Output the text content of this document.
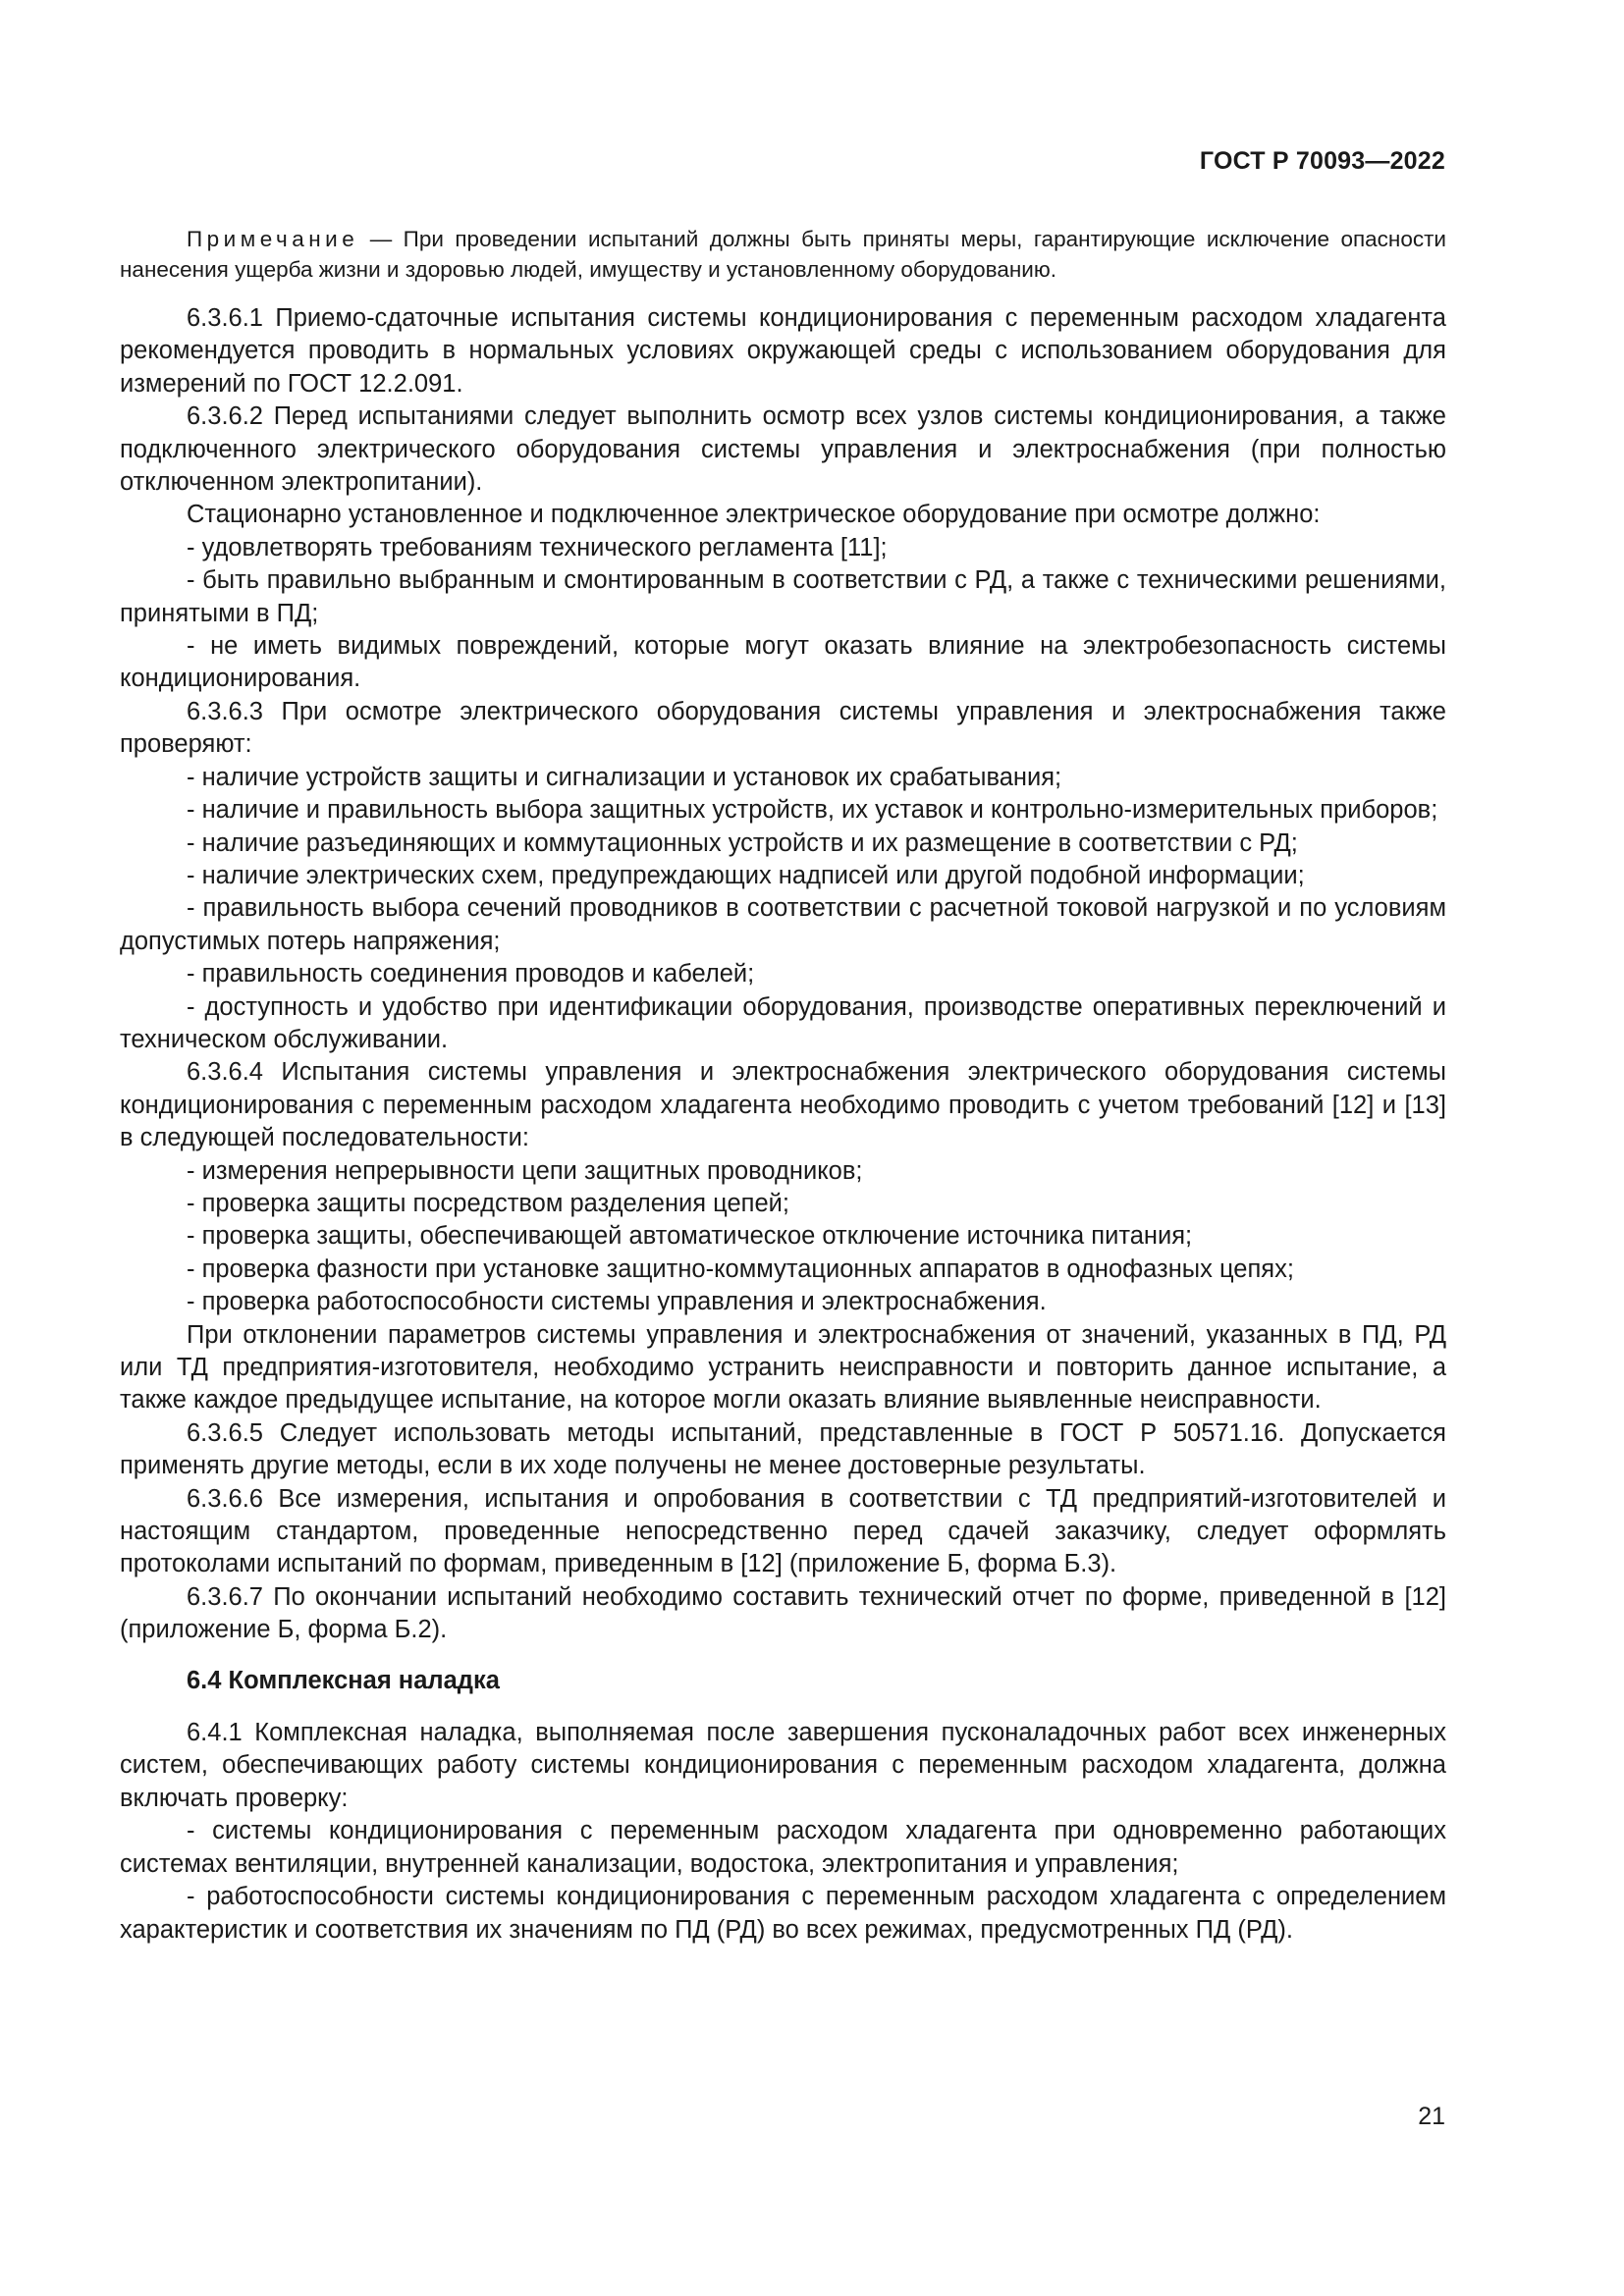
ГОСТ Р 70093—2022

Примечание — При проведении испытаний должны быть приняты меры, гарантирующие исключение опасности нанесения ущерба жизни и здоровью людей, имуществу и установленному оборудованию.

6.3.6.1 Приемо-сдаточные испытания системы кондиционирования с переменным расходом хладагента рекомендуется проводить в нормальных условиях окружающей среды с использованием оборудования для измерений по ГОСТ 12.2.091.

6.3.6.2 Перед испытаниями следует выполнить осмотр всех узлов системы кондиционирования, а также подключенного электрического оборудования системы управления и электроснабжения (при полностью отключенном электропитании).

Стационарно установленное и подключенное электрическое оборудование при осмотре должно:

- удовлетворять требованиям технического регламента [11];

- быть правильно выбранным и смонтированным в соответствии с РД, а также с техническими решениями, принятыми в ПД;

- не иметь видимых повреждений, которые могут оказать влияние на электробезопасность системы кондиционирования.

6.3.6.3 При осмотре электрического оборудования системы управления и электроснабжения также проверяют:

- наличие устройств защиты и сигнализации и установок их срабатывания;

- наличие и правильность выбора защитных устройств, их уставок и контрольно-измерительных приборов;

- наличие разъединяющих и коммутационных устройств и их размещение в соответствии с РД;

- наличие электрических схем, предупреждающих надписей или другой подобной информации;

- правильность выбора сечений проводников в соответствии с расчетной токовой нагрузкой и по условиям допустимых потерь напряжения;

- правильность соединения проводов и кабелей;

- доступность и удобство при идентификации оборудования, производстве оперативных переключений и техническом обслуживании.

6.3.6.4 Испытания системы управления и электроснабжения электрического оборудования системы кондиционирования с переменным расходом хладагента необходимо проводить с учетом требований [12] и [13] в следующей последовательности:

- измерения непрерывности цепи защитных проводников;

- проверка защиты посредством разделения цепей;

- проверка защиты, обеспечивающей автоматическое отключение источника питания;

- проверка фазности при установке защитно-коммутационных аппаратов в однофазных цепях;

- проверка работоспособности системы управления и электроснабжения.

При отклонении параметров системы управления и электроснабжения от значений, указанных в ПД, РД или ТД предприятия-изготовителя, необходимо устранить неисправности и повторить данное испытание, а также каждое предыдущее испытание, на которое могли оказать влияние выявленные неисправности.

6.3.6.5 Следует использовать методы испытаний, представленные в ГОСТ Р 50571.16. Допускается применять другие методы, если в их ходе получены не менее достоверные результаты.

6.3.6.6 Все измерения, испытания и опробования в соответствии с ТД предприятий-изготовителей и настоящим стандартом, проведенные непосредственно перед сдачей заказчику, следует оформлять протоколами испытаний по формам, приведенным в [12] (приложение Б, форма Б.3).

6.3.6.7 По окончании испытаний необходимо составить технический отчет по форме, приведенной в [12] (приложение Б, форма Б.2).

6.4 Комплексная наладка

6.4.1 Комплексная наладка, выполняемая после завершения пусконаладочных работ всех инженерных систем, обеспечивающих работу системы кондиционирования с переменным расходом хладагента, должна включать проверку:

- системы кондиционирования с переменным расходом хладагента при одновременно работающих системах вентиляции, внутренней канализации, водостока, электропитания и управления;

- работоспособности системы кондиционирования с переменным расходом хладагента с определением характеристик и соответствия их значениям по ПД (РД) во всех режимах, предусмотренных ПД (РД).

21
